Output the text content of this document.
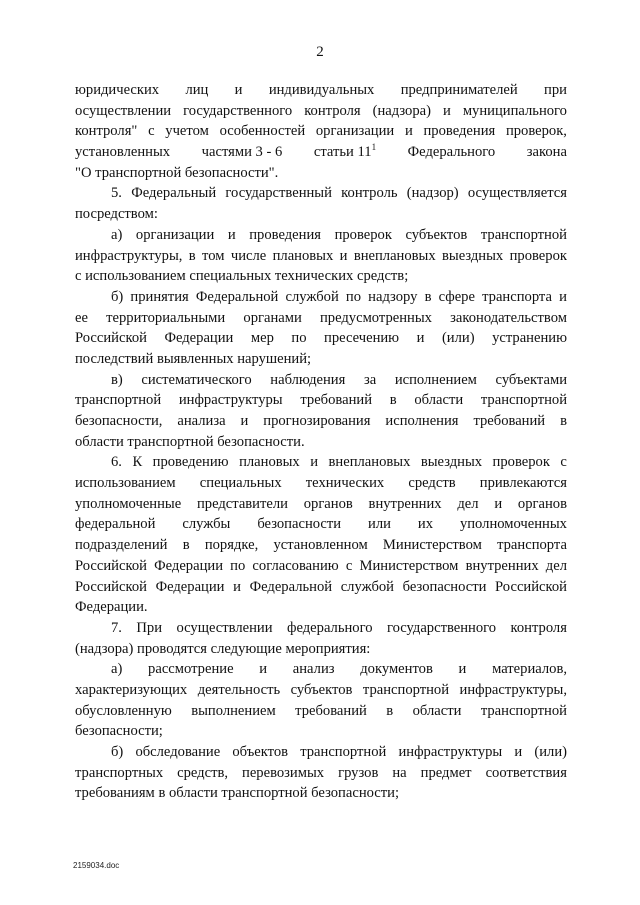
2
юридических лиц и индивидуальных предпринимателей при
осуществлении государственного контроля (надзора) и муниципального
контроля" с учетом особенностей организации и проведения проверок,
установленных частями 3 - 6 статьи $11^1$ Федерального закона
"О транспортной безопасности".
5. Федеральный государственный контроль (надзор) осуществляется
посредством:
а) организации и проведения проверок субъектов транспортной
инфраструктуры, в том числе плановых и внеплановых выездных проверок
с использованием специальных технических средств;
б) принятия Федеральной службой по надзору в сфере транспорта и
ее территориальными органами предусмотренных законодательством
Российской Федерации мер по пресечению и (или) устранению
последствий выявленных нарушений;
в) систематического наблюдения за исполнением субъектами
транспортной инфраструктуры требований в области транспортной
безопасности, анализа и прогнозирования исполнения требований в
области транспортной безопасности.
6. К проведению плановых и внеплановых выездных проверок с
использованием специальных технических средств привлекаются
уполномоченные представители органов внутренних дел и органов
федеральной службы безопасности или их уполномоченных
подразделений в порядке, установленном Министерством транспорта
Российской Федерации по согласованию с Министерством внутренних дел
Российской Федерации и Федеральной службой безопасности Российской
Федерации.
7. При осуществлении федерального государственного контроля
(надзора) проводятся следующие мероприятия:
а) рассмотрение и анализ документов и материалов,
характеризующих деятельность субъектов транспортной инфраструктуры,
обусловленную выполнением требований в области транспортной
безопасности;
б) обследование объектов транспортной инфраструктуры и (или)
транспортных средств, перевозимых грузов на предмет соответствия
требованиям в области транспортной безопасности;
2159034.doc
